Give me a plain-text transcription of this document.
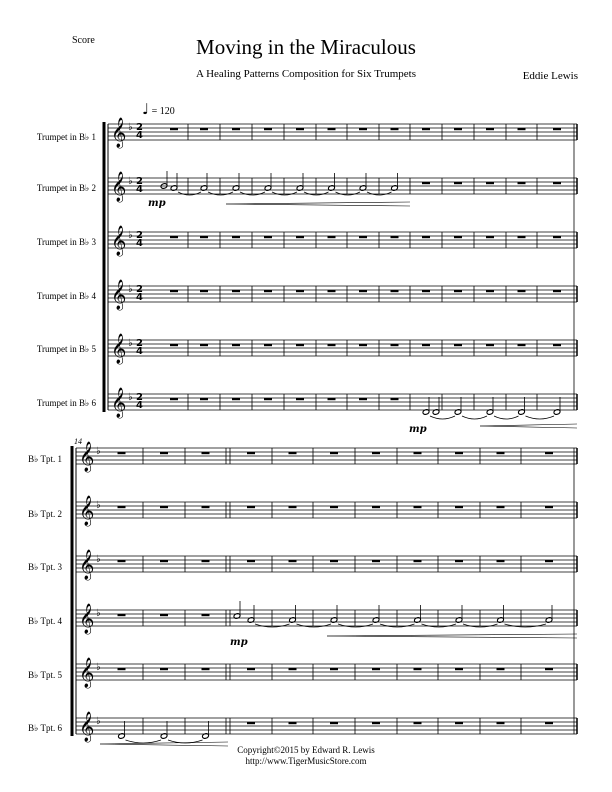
Score	Moving in the Miraculous
A Healing Patterns Composition for Six Trumpets	Eddie Lewis
♩ = 120
Trumpet in B♭ 1
Trumpet in B♭ 2
Trumpet in B♭ 3
Trumpet in B♭ 4
Trumpet in B♭ 5
Trumpet in B♭ 6
14
B♭ Tpt. 1
B♭ Tpt. 2
B♭ Tpt. 3
B♭ Tpt. 4
B♭ Tpt. 5
B♭ Tpt. 6
Copyright©2015 by Edward R. Lewis
http://www.TigerMusicStore.com
𝄞 ♭ 2
4
𝄞 ♭ 2
4
𝄞 ♭ 2
4
𝄞 ♭ 2
4
𝄞 ♭ 2
4
𝄞 ♭ 2
4
mp
mp
𝄞 ♭
𝄞 ♭
𝄞 ♭
𝄞 ♭
𝄞 ♭
𝄞 ♭
mp
